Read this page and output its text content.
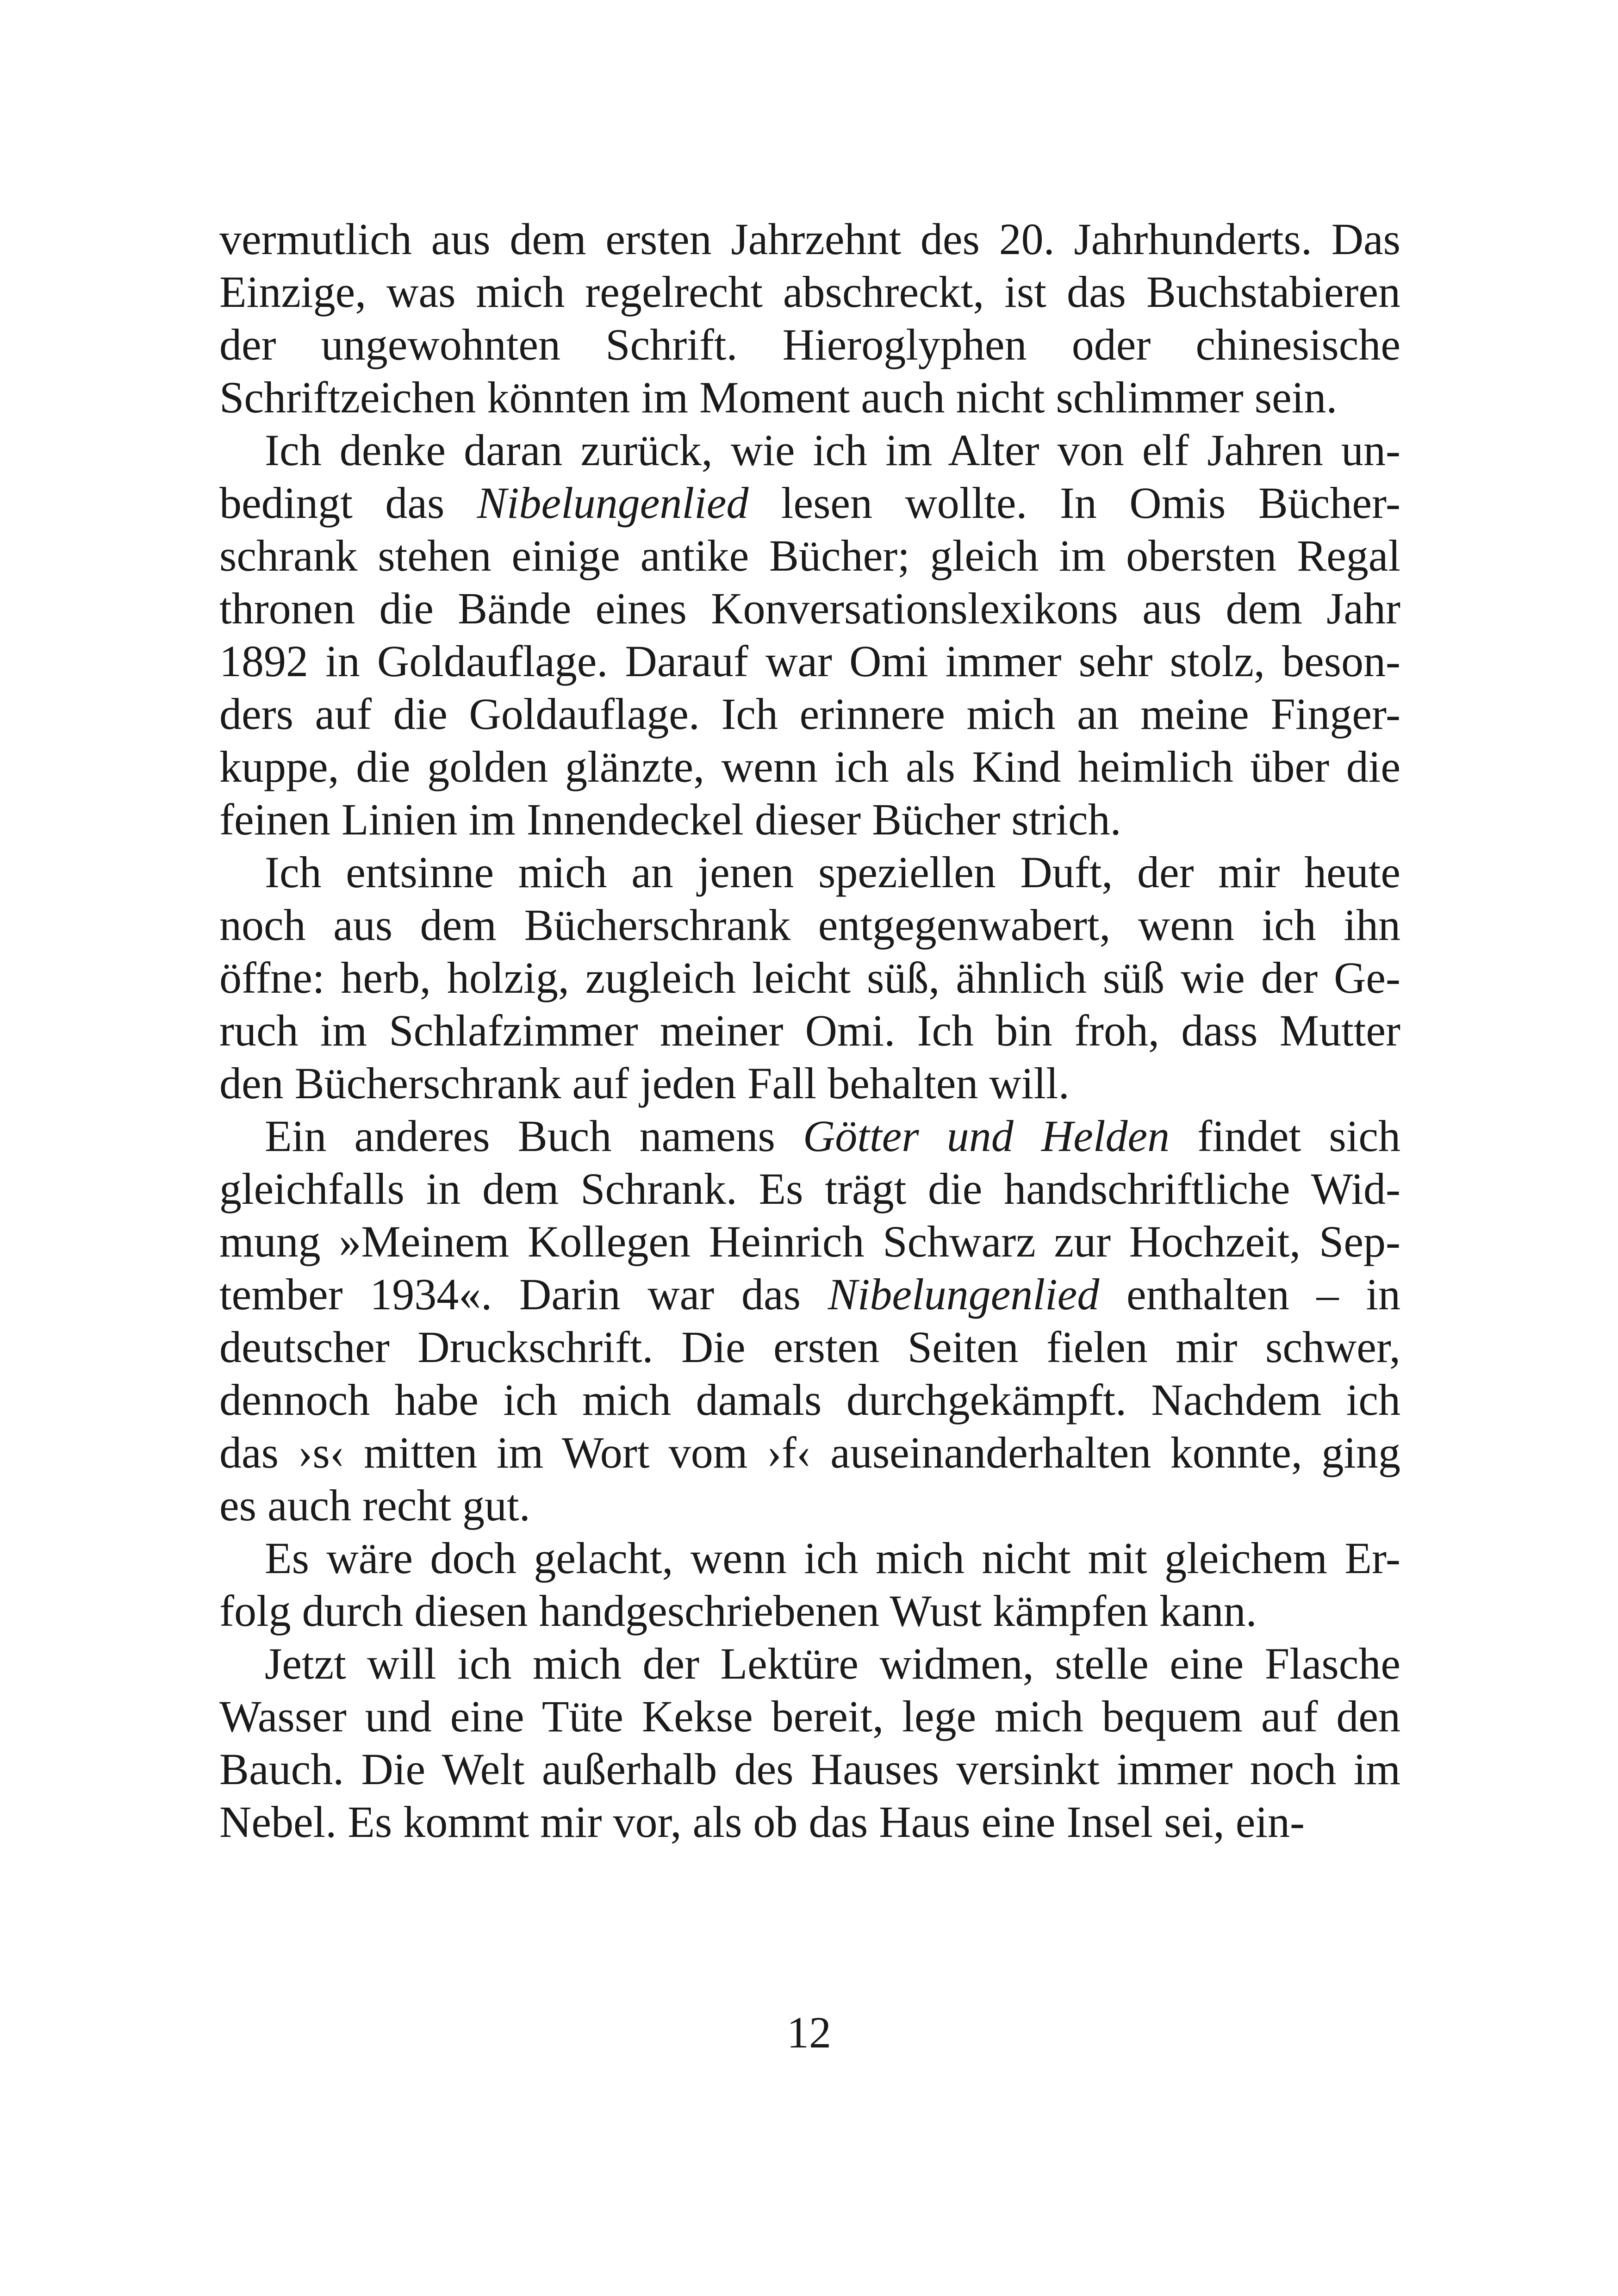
vermutlich aus dem ersten Jahrzehnt des 20. Jahrhunderts. Das
Einzige, was mich regelrecht abschreckt, ist das Buchstabieren
der ungewohnten Schrift. Hieroglyphen oder chinesische
Schriftzeichen könnten im Moment auch nicht schlimmer sein.
Ich denke daran zurück, wie ich im Alter von elf Jahren un-
bedingt das Nibelungenlied lesen wollte. In Omis Bücher-
schrank stehen einige antike Bücher; gleich im obersten Regal
thronen die Bände eines Konversationslexikons aus dem Jahr
1892 in Goldauflage. Darauf war Omi immer sehr stolz, beson-
ders auf die Goldauflage. Ich erinnere mich an meine Finger-
kuppe, die golden glänzte, wenn ich als Kind heimlich über die
feinen Linien im Innendeckel dieser Bücher strich.
Ich entsinne mich an jenen speziellen Duft, der mir heute
noch aus dem Bücherschrank entgegenwabert, wenn ich ihn
öffne: herb, holzig, zugleich leicht süß, ähnlich süß wie der Ge-
ruch im Schlafzimmer meiner Omi. Ich bin froh, dass Mutter
den Bücherschrank auf jeden Fall behalten will.
Ein anderes Buch namens Götter und Helden findet sich
gleichfalls in dem Schrank. Es trägt die handschriftliche Wid-
mung »Meinem Kollegen Heinrich Schwarz zur Hochzeit, Sep-
tember 1934«. Darin war das Nibelungenlied enthalten – in
deutscher Druckschrift. Die ersten Seiten fielen mir schwer,
dennoch habe ich mich damals durchgekämpft. Nachdem ich
das ›s‹ mitten im Wort vom ›f‹ auseinanderhalten konnte, ging
es auch recht gut.
Es wäre doch gelacht, wenn ich mich nicht mit gleichem Er-
folg durch diesen handgeschriebenen Wust kämpfen kann.
Jetzt will ich mich der Lektüre widmen, stelle eine Flasche
Wasser und eine Tüte Kekse bereit, lege mich bequem auf den
Bauch. Die Welt außerhalb des Hauses versinkt immer noch im
Nebel. Es kommt mir vor, als ob das Haus eine Insel sei, ein-
12
